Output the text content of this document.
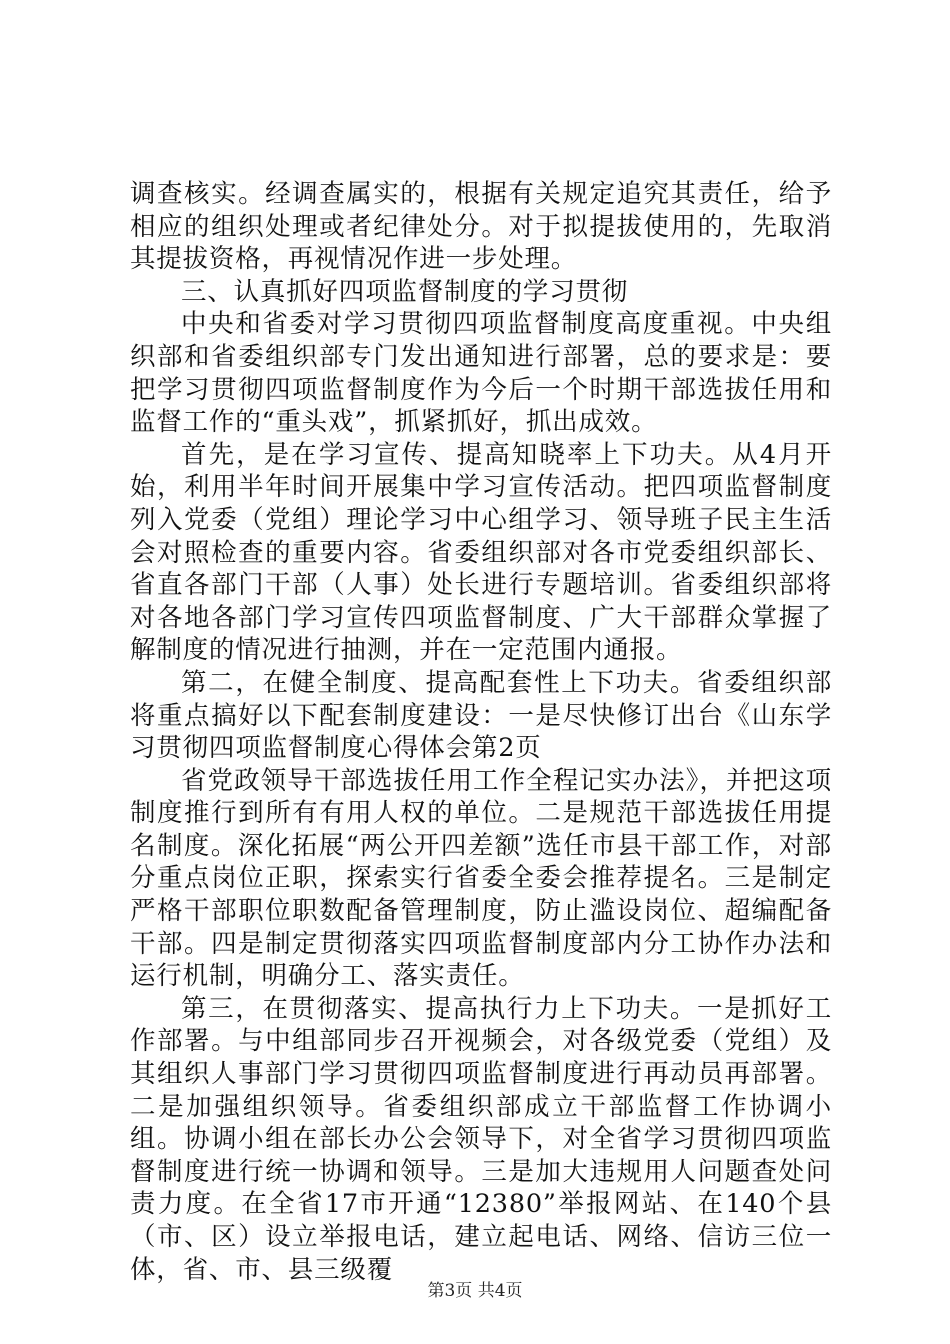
调查核实。经调查属实的，根据有关规定追究其责任，给予相应的组织处理或者纪律处分。对于拟提拔使用的，先取消其提拔资格，再视情况作进一步处理。

三、认真抓好四项监督制度的学习贯彻

中央和省委对学习贯彻四项监督制度高度重视。中央组织部和省委组织部专门发出通知进行部署，总的要求是：要把学习贯彻四项监督制度作为今后一个时期干部选拔任用和监督工作的“重头戏”，抓紧抓好，抓出成效。

首先，是在学习宣传、提高知晓率上下功夫。从4月开始，利用半年时间开展集中学习宣传活动。把四项监督制度列入党委（党组）理论学习中心组学习、领导班子民主生活会对照检查的重要内容。省委组织部对各市党委组织部长、省直各部门干部（人事）处长进行专题培训。省委组织部将对各地各部门学习宣传四项监督制度、广大干部群众掌握了解制度的情况进行抽测，并在一定范围内通报。

第二，在健全制度、提高配套性上下功夫。省委组织部将重点搞好以下配套制度建设：一是尽快修订出台《山东学习贯彻四项监督制度心得体会第2页

省党政领导干部选拔任用工作全程记实办法》，并把这项制度推行到所有有用人权的单位。二是规范干部选拔任用提名制度。深化拓展“两公开四差额”选任市县干部工作，对部分重点岗位正职，探索实行省委全委会推荐提名。三是制定严格干部职位职数配备管理制度，防止滥设岗位、超编配备干部。四是制定贯彻落实四项监督制度部内分工协作办法和运行机制，明确分工、落实责任。

第三，在贯彻落实、提高执行力上下功夫。一是抓好工作部署。与中组部同步召开视频会，对各级党委（党组）及其组织人事部门学习贯彻四项监督制度进行再动员再部署。二是加强组织领导。省委组织部成立干部监督工作协调小组。协调小组在部长办公会领导下，对全省学习贯彻四项监督制度进行统一协调和领导。三是加大违规用人问题查处问责力度。在全省17市开通“12380”举报网站、在140个县（市、区）设立举报电话，建立起电话、网络、信访三位一体，省、市、县三级覆

第3页 共4页
